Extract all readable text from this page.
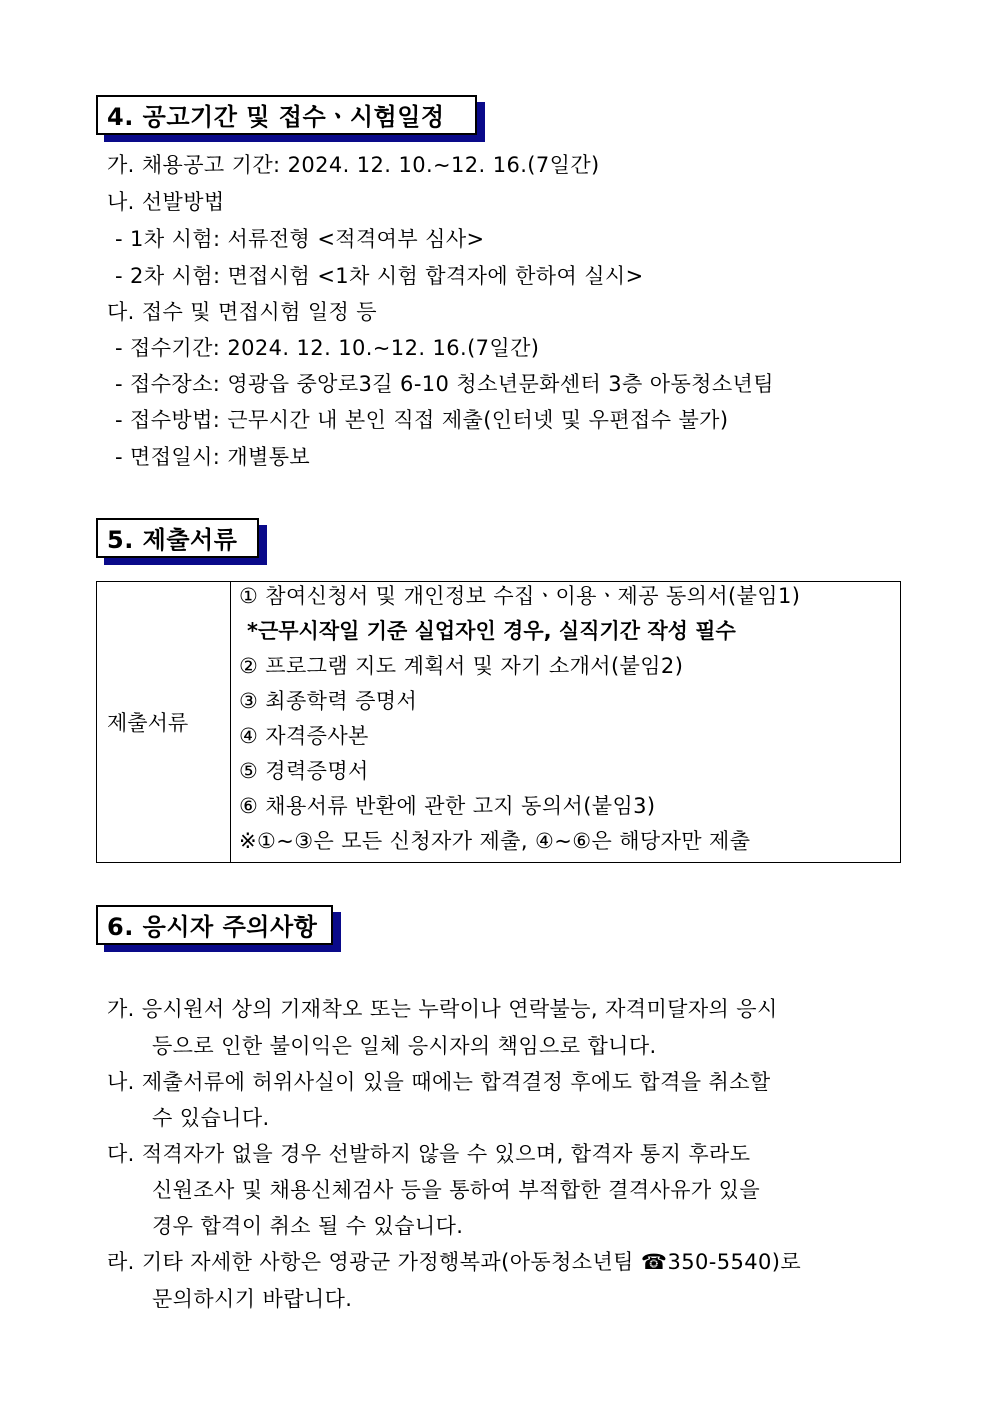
4. 공고기간 및 접수ㆍ시험일정
가. 채용공고 기간: 2024. 12. 10.∼12. 16.(7일간)
나. 선발방법
- 1차 시험: 서류전형 <적격여부 심사>
- 2차 시험: 면접시험 <1차 시험 합격자에 한하여 실시>
다. 접수 및 면접시험 일정 등
- 접수기간: 2024. 12. 10.∼12. 16.(7일간)
- 접수장소: 영광읍 중앙로3길 6-10 청소년문화센터 3층 아동청소년팀
- 접수방법: 근무시간 내 본인 직접 제출(인터넷 및 우편접수 불가)
- 면접일시: 개별통보
5. 제출서류
제출서류	
① 참여신청서 및 개인정보 수집ㆍ이용ㆍ제공 동의서(붙임1)
*근무시작일 기준 실업자인 경우, 실직기간 작성 필수
② 프로그램 지도 계획서 및 자기 소개서(붙임2)
③ 최종학력 증명서
④ 자격증사본
⑤ 경력증명서
⑥ 채용서류 반환에 관한 고지 동의서(붙임3)
※①∼③은 모든 신청자가 제출, ④∼⑥은 해당자만 제출
6. 응시자 주의사항
가. 응시원서 상의 기재착오 또는 누락이나 연락불능, 자격미달자의 응시
등으로 인한 불이익은 일체 응시자의 책임으로 합니다.
나. 제출서류에 허위사실이 있을 때에는 합격결정 후에도 합격을 취소할
수 있습니다.
다. 적격자가 없을 경우 선발하지 않을 수 있으며, 합격자 통지 후라도
신원조사 및 채용신체검사 등을 통하여 부적합한 결격사유가 있을
경우 합격이 취소 될 수 있습니다.
라. 기타 자세한 사항은 영광군 가정행복과(아동청소년팀 ☎350-5540)로
문의하시기 바랍니다.
